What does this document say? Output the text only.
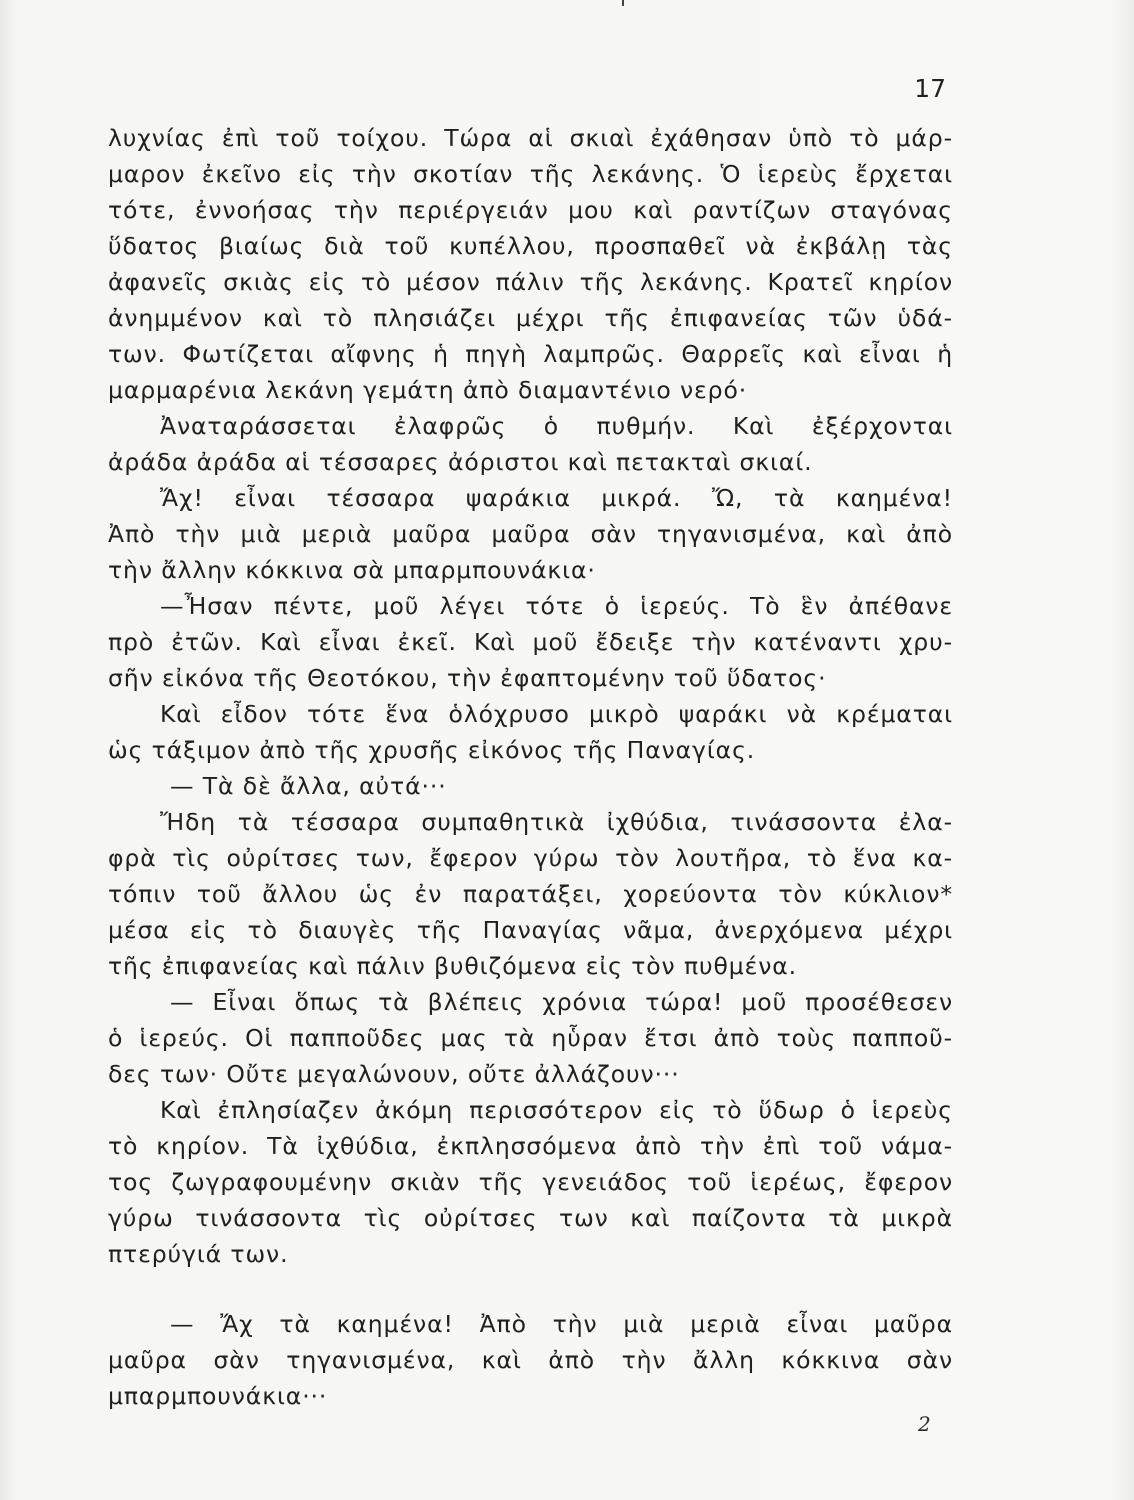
17
λυχνίας ἐπὶ τοῦ τοίχου. Τώρα αἱ σκιαὶ ἐχάθησαν ὑπὸ τὸ μάρ-
μαρον ἐκεῖνο εἰς τὴν σκοτίαν τῆς λεκάνης. Ὁ ἱερεὺς ἔρχεται
τότε, ἐννοήσας τὴν περιέργειάν μου καὶ ραντίζων σταγόνας
ὕδατος βιαίως διὰ τοῦ κυπέλλου, προσπαθεῖ νὰ ἐκβάλῃ τὰς
ἀφανεῖς σκιὰς εἰς τὸ μέσον πάλιν τῆς λεκάνης. Κρατεῖ κηρίον
ἀνημμένον καὶ τὸ πλησιάζει μέχρι τῆς ἐπιφανείας τῶν ὑδά-
των. Φωτίζεται αἴφνης ἡ πηγὴ λαμπρῶς. Θαρρεῖς καὶ εἶναι ἡ
μαρμαρένια λεκάνη γεμάτη ἀπὸ διαμαντένιο νερό·
Ἀναταράσσεται ἐλαφρῶς ὁ πυθμήν. Καὶ ἐξέρχονται
ἀράδα ἀράδα αἱ τέσσαρες ἀόριστοι καὶ πετακταὶ σκιαί.
Ἄχ! εἶναι τέσσαρα ψαράκια μικρά. Ὤ, τὰ καημένα!
Ἀπὸ τὴν μιὰ μεριὰ μαῦρα μαῦρα σὰν τηγανισμένα, καὶ ἀπὸ
τὴν ἄλλην κόκκινα σὰ μπαρμπουνάκια·
—Ἦσαν πέντε, μοῦ λέγει τότε ὁ ἱερεύς. Τὸ ἓν ἀπέθανε
πρὸ ἐτῶν. Καὶ εἶναι ἐκεῖ. Καὶ μοῦ ἔδειξε τὴν κατέναντι χρυ-
σῆν εἰκόνα τῆς Θεοτόκου, τὴν ἐφαπτομένην τοῦ ὕδατος·
Καὶ εἶδον τότε ἕνα ὁλόχρυσο μικρὸ ψαράκι νὰ κρέμαται
ὡς τάξιμον ἀπὸ τῆς χρυσῆς εἰκόνος τῆς Παναγίας.
— Τὰ δὲ ἄλλα, αὐτά···
Ἤδη τὰ τέσσαρα συμπαθητικὰ ἰχθύδια, τινάσσοντα ἐλα-
φρὰ τὶς οὐρίτσες των, ἔφερον γύρω τὸν λουτῆρα, τὸ ἕνα κα-
τόπιν τοῦ ἄλλου ὡς ἐν παρατάξει, χορεύοντα τὸν κύκλιον*
μέσα εἰς τὸ διαυγὲς τῆς Παναγίας νᾶμα, ἀνερχόμενα μέχρι
τῆς ἐπιφανείας καὶ πάλιν βυθιζόμενα εἰς τὸν πυθμένα.
— Εἶναι ὅπως τὰ βλέπεις χρόνια τώρα! μοῦ προσέθεσεν
ὁ ἱερεύς. Οἱ παπποῦδες μας τὰ ηὗραν ἔτσι ἀπὸ τοὺς παπποῦ-
δες των· Οὔτε μεγαλώνουν, οὔτε ἀλλάζουν···
Καὶ ἐπλησίαζεν ἀκόμη περισσότερον εἰς τὸ ὕδωρ ὁ ἱερεὺς
τὸ κηρίον. Τὰ ἰχθύδια, ἐκπλησσόμενα ἀπὸ τὴν ἐπὶ τοῦ νάμα-
τος ζωγραφουμένην σκιὰν τῆς γενειάδος τοῦ ἱερέως, ἔφερον
γύρω τινάσσοντα τὶς οὐρίτσες των καὶ παίζοντα τὰ μικρὰ
πτερύγιά των.
— Ἄχ τὰ καημένα! Ἀπὸ τὴν μιὰ μεριὰ εἶναι μαῦρα
μαῦρα σὰν τηγανισμένα, καὶ ἀπὸ τὴν ἄλλη κόκκινα σὰν
μπαρμπουνάκια···
2
